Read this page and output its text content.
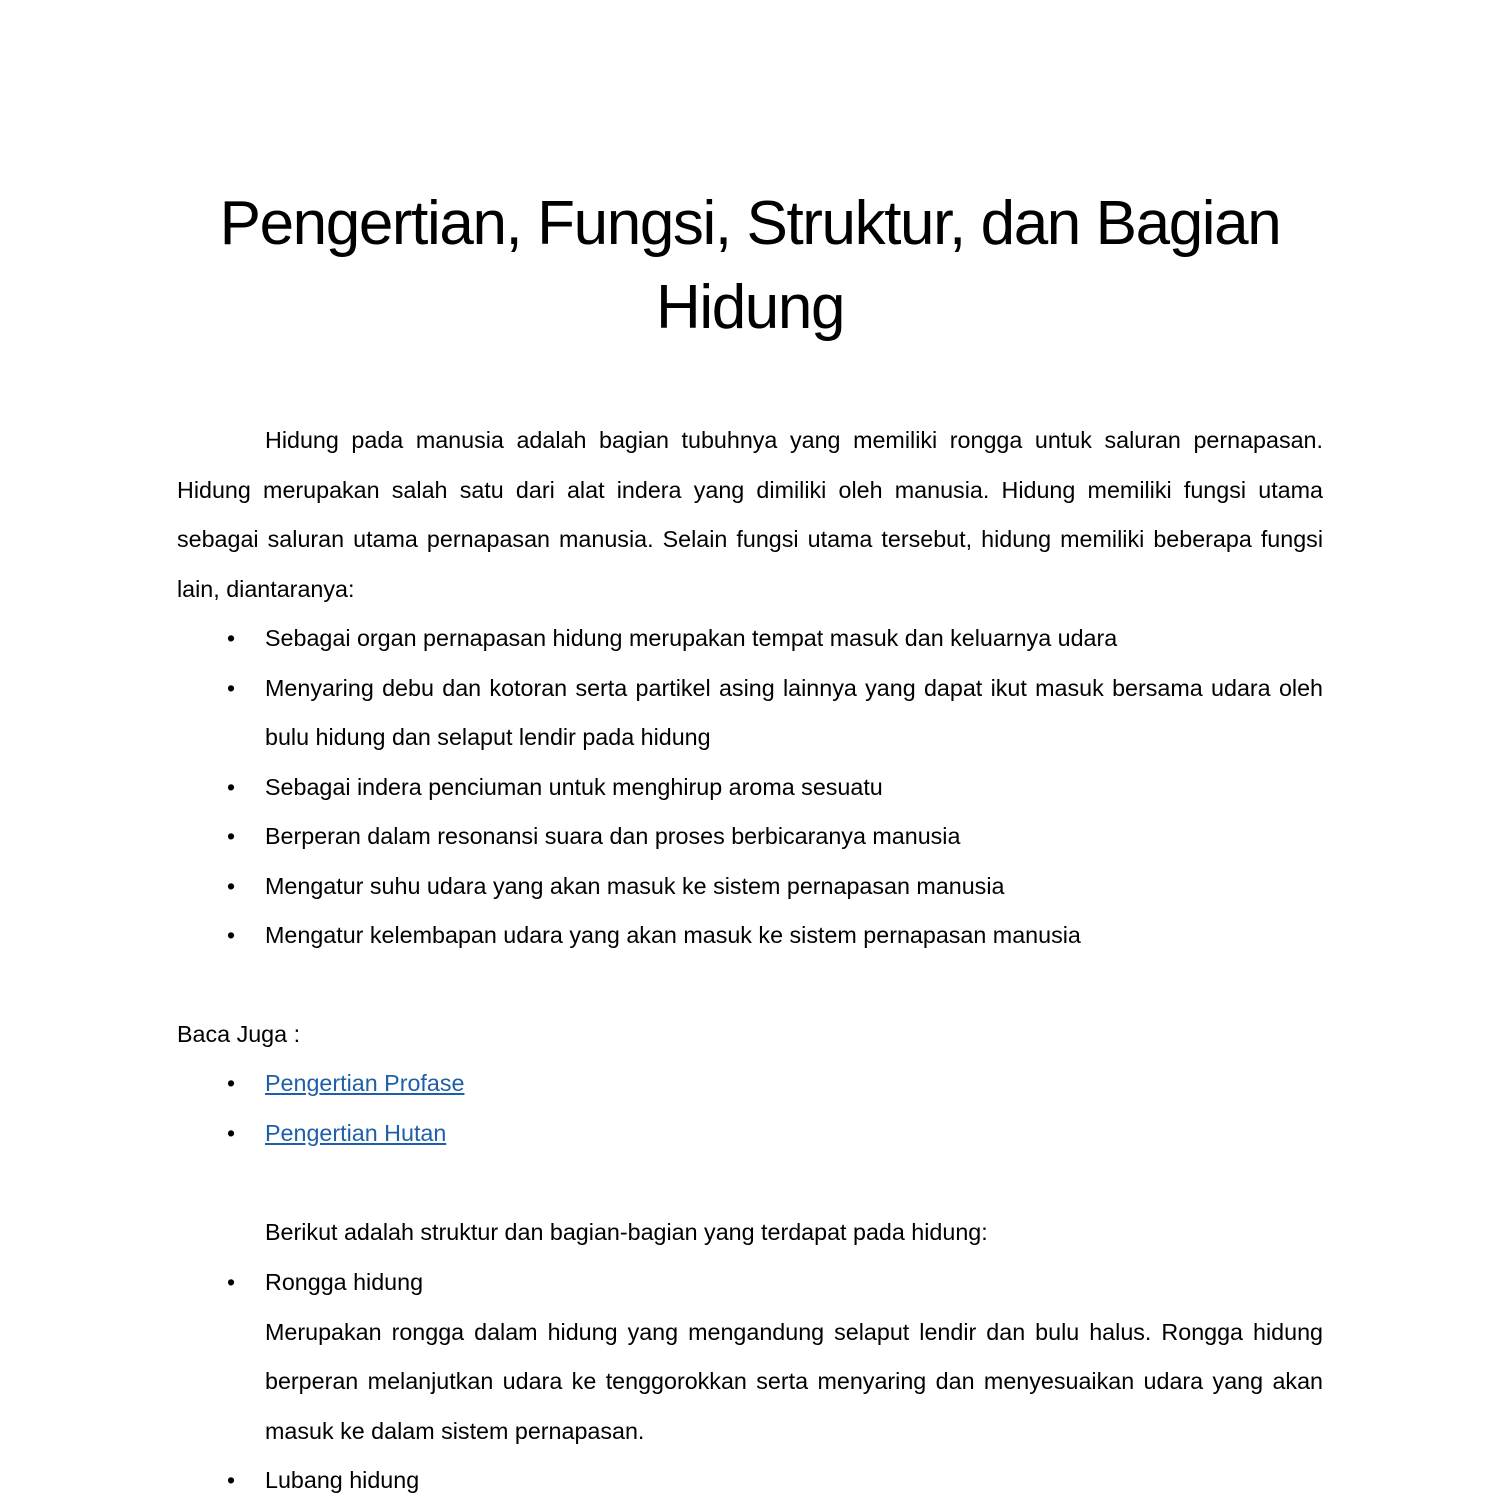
Pengertian, Fungsi, Struktur, dan Bagian
Hidung

Hidung pada manusia adalah bagian tubuhnya yang memiliki rongga untuk saluran pernapasan. Hidung merupakan salah satu dari alat indera yang dimiliki oleh manusia. Hidung memiliki fungsi utama sebagai saluran utama pernapasan manusia. Selain fungsi utama tersebut, hidung memiliki beberapa fungsi lain, diantaranya:

• Sebagai organ pernapasan hidung merupakan tempat masuk dan keluarnya udara
• Menyaring debu dan kotoran serta partikel asing lainnya yang dapat ikut masuk bersama udara oleh bulu hidung dan selaput lendir pada hidung
• Sebagai indera penciuman untuk menghirup aroma sesuatu
• Berperan dalam resonansi suara dan proses berbicaranya manusia
• Mengatur suhu udara yang akan masuk ke sistem pernapasan manusia
• Mengatur kelembapan udara yang akan masuk ke sistem pernapasan manusia

Baca Juga :

• Pengertian Profase
• Pengertian Hutan

Berikut adalah struktur dan bagian-bagian yang terdapat pada hidung:

• Rongga hidung
Merupakan rongga dalam hidung yang mengandung selaput lendir dan bulu halus. Rongga hidung berperan melanjutkan udara ke tenggorokkan serta menyaring dan menyesuaikan udara yang akan masuk ke dalam sistem pernapasan.
• Lubang hidung
